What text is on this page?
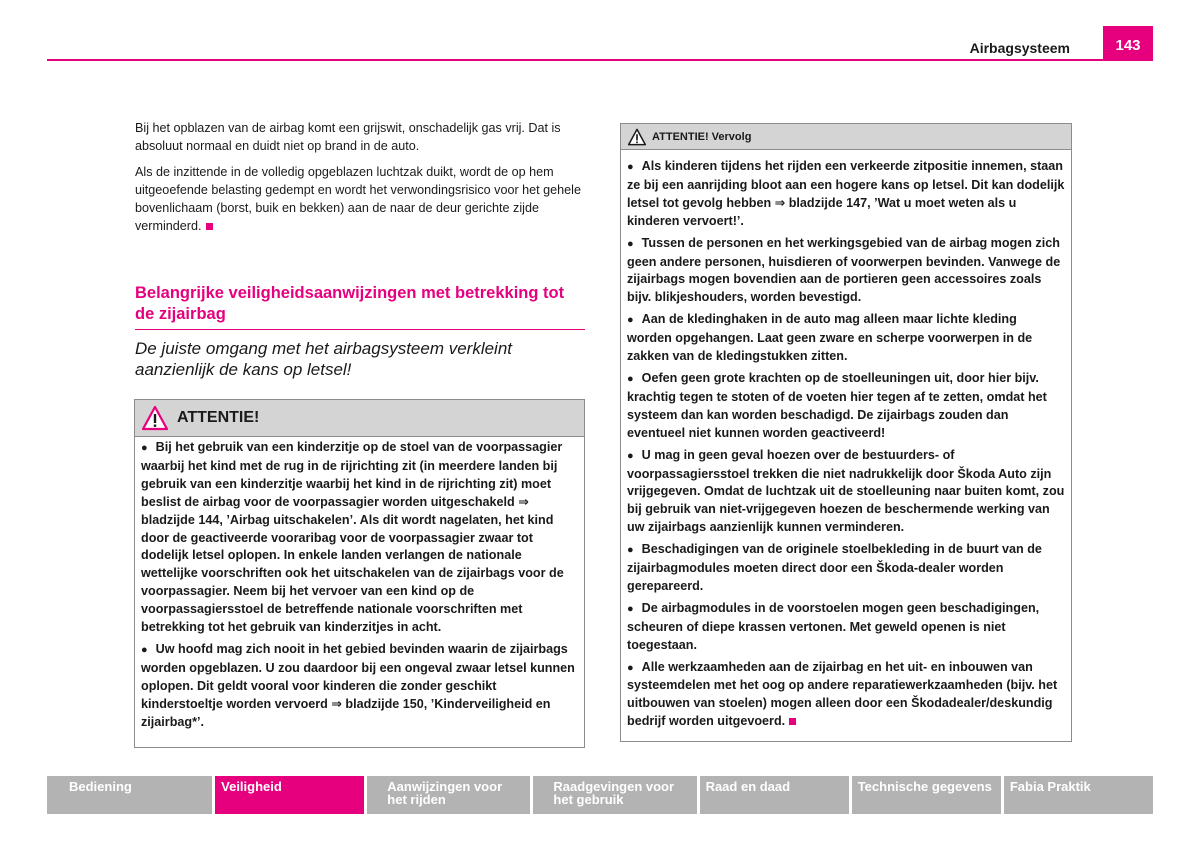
Airbagsysteem	143

Bij het opblazen van de airbag komt een grijswit, onschadelijk gas vrij. Dat is absoluut normaal en duidt niet op brand in de auto.

Als de inzittende in de volledig opgeblazen luchtzak duikt, wordt de op hem uitgeoefende belasting gedempt en wordt het verwondingsrisico voor het gehele bovenlichaam (borst, buik en bekken) aan de naar de deur gerichte zijde verminderd.

Belangrijke veiligheidsaanwijzingen met betrekking tot de zijairbag
De juiste omgang met het airbagsysteem verkleint aanzienlijk de kans op letsel!
ATTENTIE!

● Bij het gebruik van een kinderzitje op de stoel van de voorpassagier waarbij het kind met de rug in de rijrichting zit (in meerdere landen bij gebruik van een kinderzitje waarbij het kind in de rijrichting zit) moet beslist de airbag voor de voorpassagier worden uitgeschakeld ⇒ bladzijde 144, ’Airbag uitschakelen’. Als dit wordt nagelaten, het kind door de geactiveerde vooraribag voor de voorpassagier zwaar tot dodelijk letsel oplopen. In enkele landen verlangen de nationale wettelijke voorschriften ook het uitschakelen van de zijairbags voor de voorpassagier. Neem bij het vervoer van een kind op de voorpassagiersstoel de betreffende nationale voorschriften met betrekking tot het gebruik van kinderzitjes in acht.

● Uw hoofd mag zich nooit in het gebied bevinden waarin de zijairbags worden opgeblazen. U zou daardoor bij een ongeval zwaar letsel kunnen oplopen. Dit geldt vooral voor kinderen die zonder geschikt kinderstoeltje worden vervoerd ⇒ bladzijde 150, ’Kinderveiligheid en zijairbag*’.

ATTENTIE! Vervolg

● Als kinderen tijdens het rijden een verkeerde zitpositie innemen, staan ze bij een aanrijding bloot aan een hogere kans op letsel. Dit kan dodelijk letsel tot gevolg hebben ⇒ bladzijde 147, ’Wat u moet weten als u kinderen vervoert!’.

● Tussen de personen en het werkingsgebied van de airbag mogen zich geen andere personen, huisdieren of voorwerpen bevinden. Vanwege de zijairbags mogen bovendien aan de portieren geen accessoires zoals bijv. blikjeshouders, worden bevestigd.

● Aan de kledinghaken in de auto mag alleen maar lichte kleding worden opgehangen. Laat geen zware en scherpe voorwerpen in de zakken van de kledingstukken zitten.

● Oefen geen grote krachten op de stoelleuningen uit, door hier bijv. krachtig tegen te stoten of de voeten hier tegen af te zetten, omdat het systeem dan kan worden beschadigd. De zijairbags zouden dan eventueel niet kunnen worden geactiveerd!

● U mag in geen geval hoezen over de bestuurders- of voorpassagiersstoel trekken die niet nadrukkelijk door Škoda Auto zijn vrijgegeven. Omdat de luchtzak uit de stoelleuning naar buiten komt, zou bij gebruik van niet-vrijgegeven hoezen de beschermende werking van uw zijairbags aanzienlijk kunnen verminderen.

● Beschadigingen van de originele stoelbekleding in de buurt van de zijairbagmodules moeten direct door een Škoda-dealer worden gerepareerd.

● De airbagmodules in de voorstoelen mogen geen beschadigingen, scheuren of diepe krassen vertonen. Met geweld openen is niet toegestaan.

● Alle werkzaamheden aan de zijairbag en het uit- en inbouwen van systeemdelen met het oog op andere reparatiewerkzaamheden (bijv. het uitbouwen van stoelen) mogen alleen door een Škodadealer/deskundig bedrijf worden uitgevoerd.

Bediening	Veiligheid	Aanwijzingen voor het rijden
Raadgevingen voor het gebruik
Raad en daad	Technische gegevens	Fabia Praktik
